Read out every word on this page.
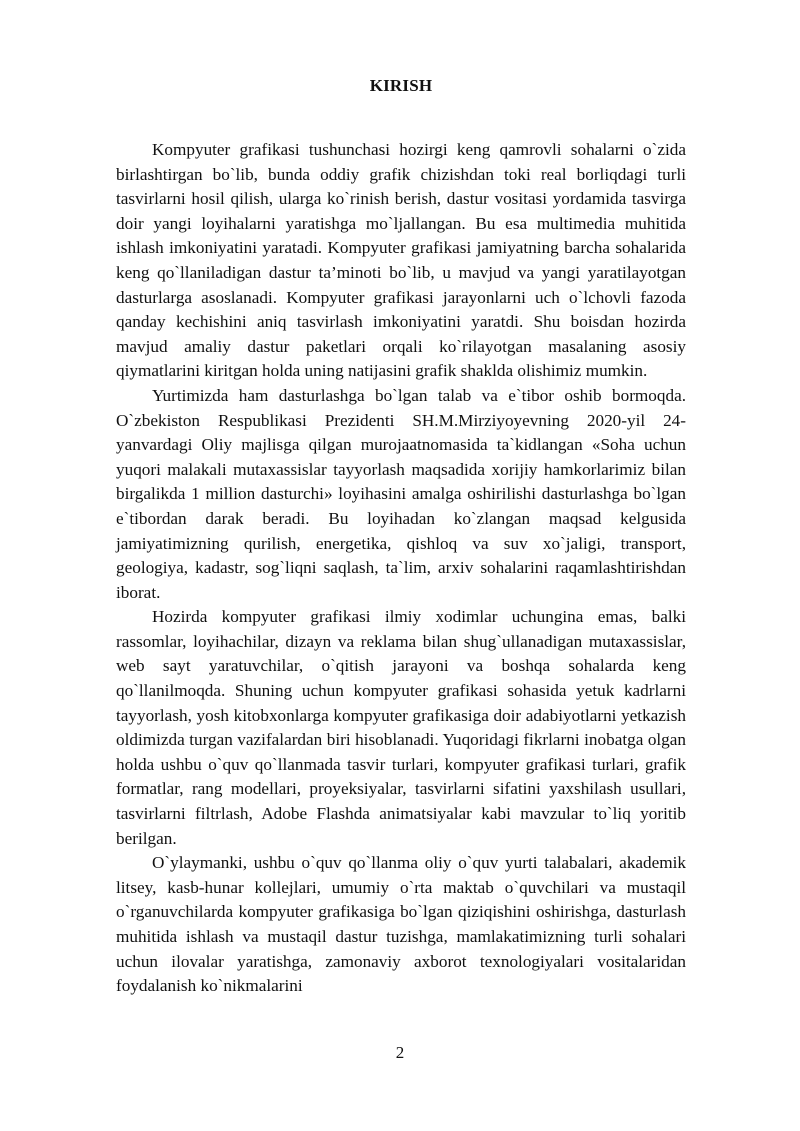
KIRISH

Kompyuter grafikasi tushunchasi hozirgi keng qamrovli sohalarni o`zida birlashtirgan bo`lib, bunda oddiy grafik chizishdan toki real borliqdagi turli tasvirlarni hosil qilish, ularga ko`rinish berish, dastur vositasi yordamida tasvirga doir yangi loyihalarni yaratishga mo`ljallangan. Bu esa multimedia muhitida ishlash imkoniyatini yaratadi. Kompyuter grafikasi jamiyatning barcha sohalarida keng qo`llaniladigan dastur ta’minoti bo`lib, u mavjud va yangi yaratilayotgan dasturlarga asoslanadi. Kompyuter grafikasi jarayonlarni uch o`lchovli fazoda qanday kechishini aniq tasvirlash imkoniyatini yaratdi. Shu boisdan hozirda mavjud amaliy dastur paketlari orqali ko`rilayotgan masalaning asosiy qiymatlarini kiritgan holda uning natijasini grafik shaklda olishimiz mumkin.

Yurtimizda ham dasturlashga bo`lgan talab va e`tibor oshib bormoqda. O`zbekiston Respublikasi Prezidenti SH.M.Mirziyoyevning 2020-yil 24-yanvardagi Oliy majlisga qilgan murojaatnomasida ta`kidlangan «Soha uchun yuqori malakali mutaxassislar tayyorlash maqsadida xorijiy hamkorlarimiz bilan birgalikda 1 million dasturchi» loyihasini amalga oshirilishi dasturlashga bo`lgan e`tibordan darak beradi. Bu loyihadan ko`zlangan maqsad kelgusida jamiyatimizning qurilish, energetika, qishloq va suv xo`jaligi, transport, geologiya, kadastr, sog`liqni saqlash, ta`lim, arxiv sohalarini raqamlashtirishdan iborat.

Hozirda kompyuter grafikasi ilmiy xodimlar uchungina emas, balki rassomlar, loyihachilar, dizayn va reklama bilan shug`ullanadigan mutaxassislar, web sayt yaratuvchilar, o`qitish jarayoni va boshqa sohalarda keng qo`llanilmoqda. Shuning uchun kompyuter grafikasi sohasida yetuk kadrlarni tayyorlash, yosh kitobxonlarga kompyuter grafikasiga doir adabiyotlarni yetkazish oldimizda turgan vazifalardan biri hisoblanadi. Yuqoridagi fikrlarni inobatga olgan holda ushbu o`quv qo`llanmada tasvir turlari, kompyuter grafikasi turlari, grafik formatlar, rang modellari, proyeksiyalar, tasvirlarni sifatini yaxshilash usullari, tasvirlarni filtrlash, Adobe Flashda animatsiyalar kabi mavzular to`liq yoritib berilgan.

O`ylaymanki, ushbu o`quv qo`llanma oliy o`quv yurti talabalari, akademik litsey, kasb-hunar kollejlari, umumiy o`rta maktab o`quvchilari va mustaqil o`rganuvchilarda kompyuter grafikasiga bo`lgan qiziqishini oshirishga, dasturlash muhitida ishlash va mustaqil dastur tuzishga, mamlakatimizning turli sohalari uchun ilovalar yaratishga, zamonaviy axborot texnologiyalari vositalaridan foydalanish ko`nikmalarini

2
